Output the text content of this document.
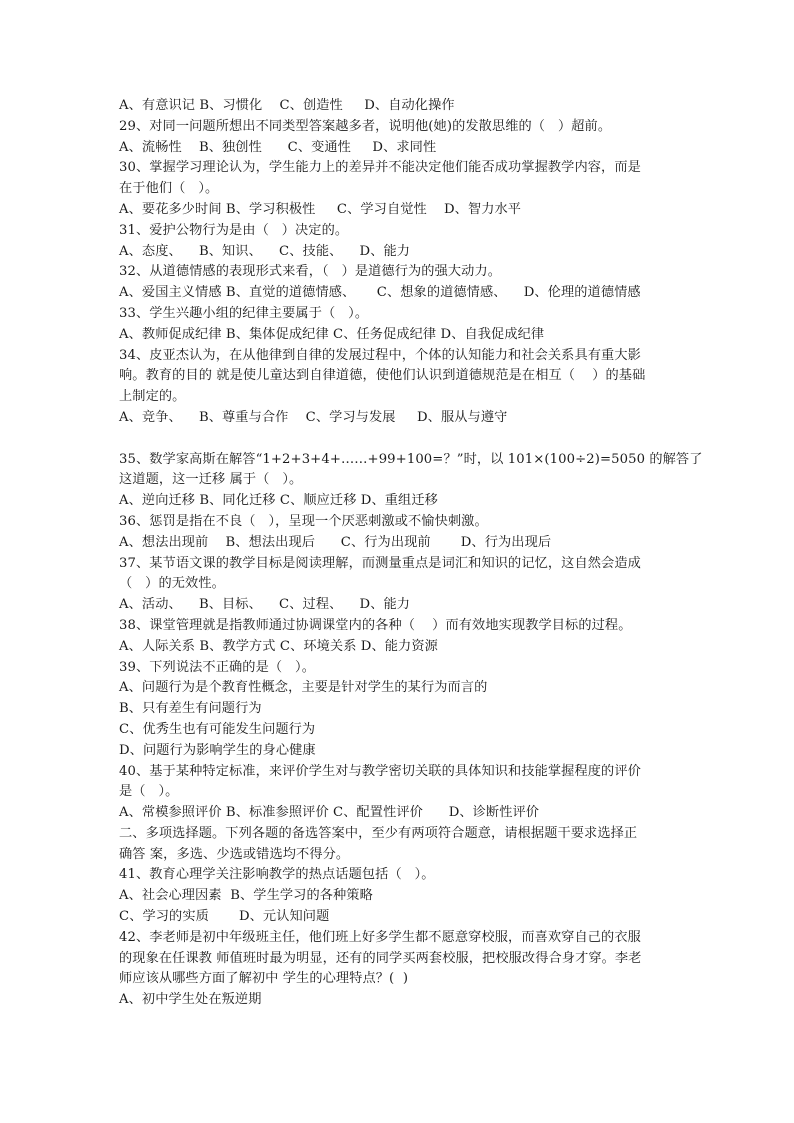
A、有意识记 B、习惯化    C、创造性     D、自动化操作
29、对同一问题所想出不同类型答案越多者，说明他(她)的发散思维的（   ）超前。
A、流畅性    B、独创性      C、变通性     D、求同性
30、掌握学习理论认为，学生能力上的差异并不能决定他们能否成功掌握教学内容，而是
在于他们（   ）。
A、要花多少时间 B、学习积极性     C、学习自觉性    D、智力水平
31、爱护公物行为是由（   ）决定的。
A、态度、    B、知识、    C、技能、    D、能力
32、从道德情感的表现形式来看，（   ）是道德行为的强大动力。
A、爱国主义情感 B、直觉的道德情感、     C、想象的道德情感、    D、伦理的道德情感
33、学生兴趣小组的纪律主要属于（   ）。
A、教师促成纪律 B、集体促成纪律 C、任务促成纪律 D、自我促成纪律
34、皮亚杰认为，在从他律到自律的发展过程中，个体的认知能力和社会关系具有重大影
响。教育的目的 就是使儿童达到自律道德，使他们认识到道德规范是在相互（    ）的基础
上制定的。
A、竞争、    B、尊重与合作    C、学习与发展     D、服从与遵守
35、数学家高斯在解答“1+2+3+4+……+99+100=？”时，以 101×(100÷2)=5050 的解答了
这道题，这一迁移 属于（   ）。
A、逆向迁移 B、同化迁移 C、顺应迁移 D、重组迁移
36、惩罚是指在不良（   ），呈现一个厌恶刺激或不愉快刺激。
A、想法出现前    B、想法出现后      C、行为出现前       D、行为出现后
37、某节语文课的教学目标是阅读理解，而测量重点是词汇和知识的记忆，这自然会造成
（   ）的无效性。
A、活动、    B、目标、    C、过程、    D、能力
38、课堂管理就是指教师通过协调课堂内的各种（    ）而有效地实现教学目标的过程。
A、人际关系 B、教学方式 C、环境关系 D、能力资源
39、下列说法不正确的是（   ）。
A、问题行为是个教育性概念，主要是针对学生的某行为而言的
B、只有差生有问题行为
C、优秀生也有可能发生问题行为
D、问题行为影响学生的身心健康
40、基于某种特定标准，来评价学生对与教学密切关联的具体知识和技能掌握程度的评价
是（   ）。
A、常模参照评价 B、标准参照评价 C、配置性评价      D、诊断性评价
二、多项选择题。下列各题的备选答案中，至少有两项符合题意，请根据题干要求选择正
确答 案，多选、少选或错选均不得分。
41、教育心理学关注影响教学的热点话题包括（   ）。
A、社会心理因素  B、学生学习的各种策略
C、学习的实质       D、元认知问题
42、李老师是初中年级班主任，他们班上好多学生都不愿意穿校服，而喜欢穿自己的衣服
的现象在任课教 师值班时最为明显，还有的同学买两套校服，把校服改得合身才穿。李老
师应该从哪些方面了解初中 学生的心理特点？(  )
A、初中学生处在叛逆期
